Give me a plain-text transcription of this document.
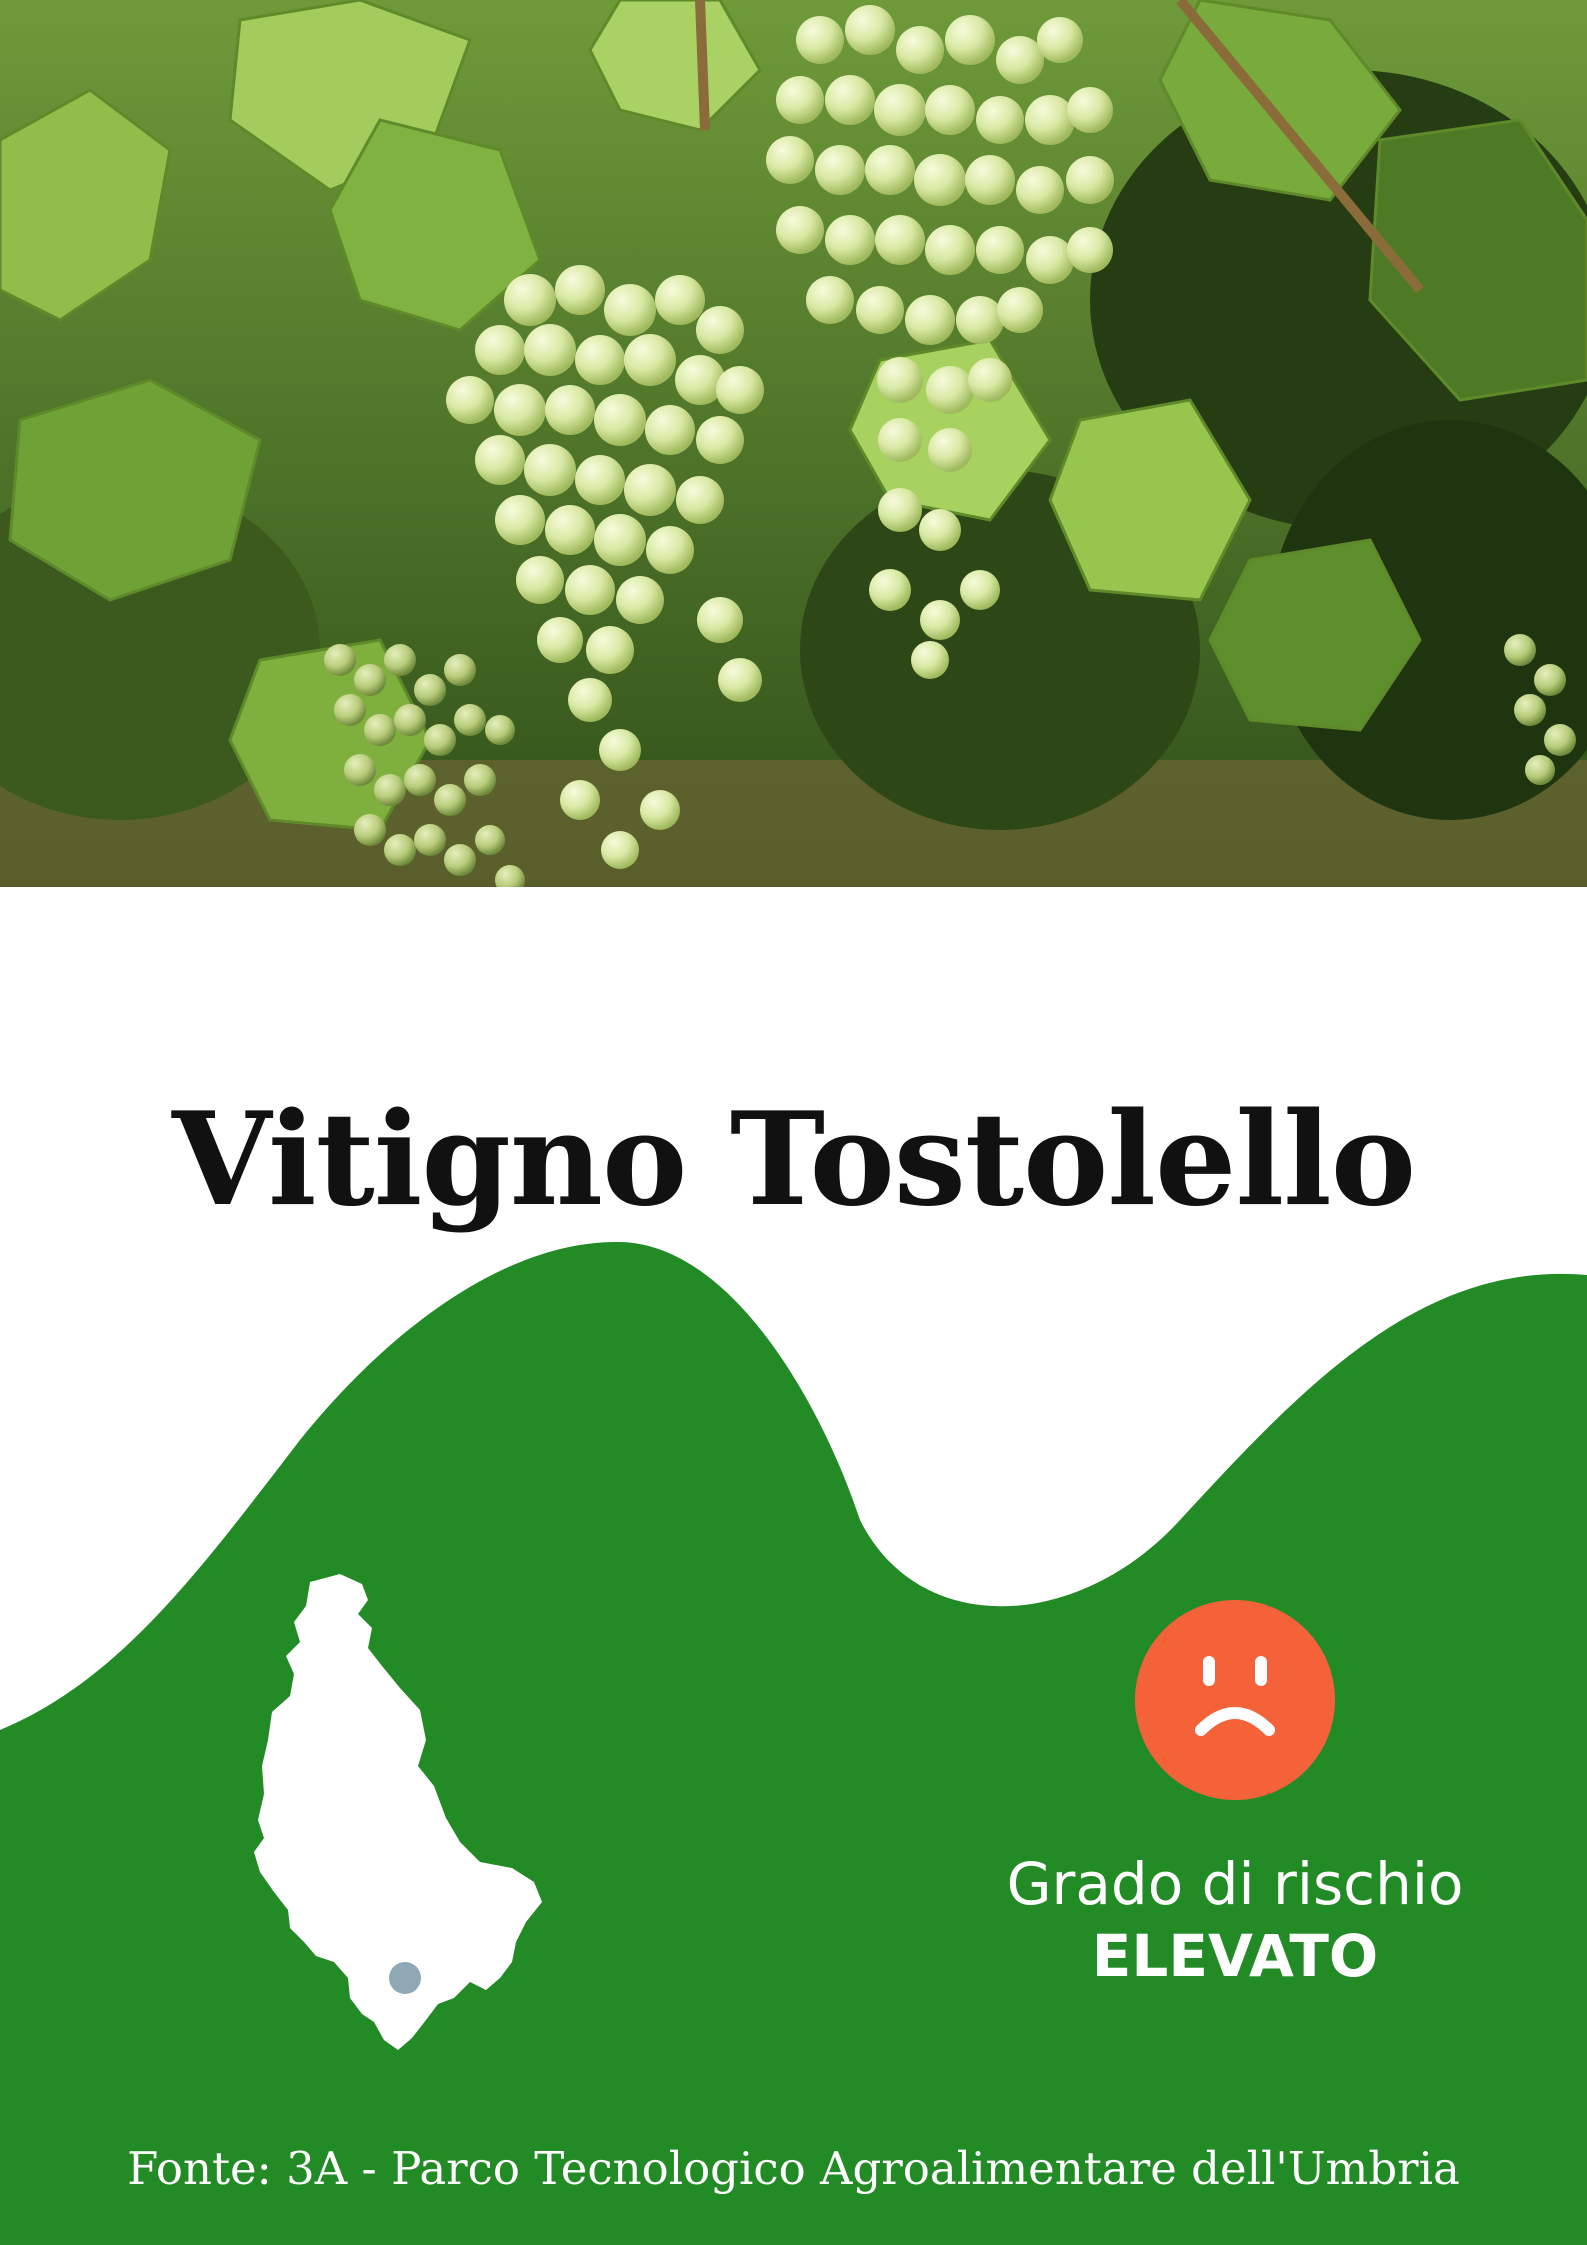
Vitigno Tostolello
Grado di rischio
ELEVATO
Fonte: 3A - Parco Tecnologico Agroalimentare dell'Umbria
